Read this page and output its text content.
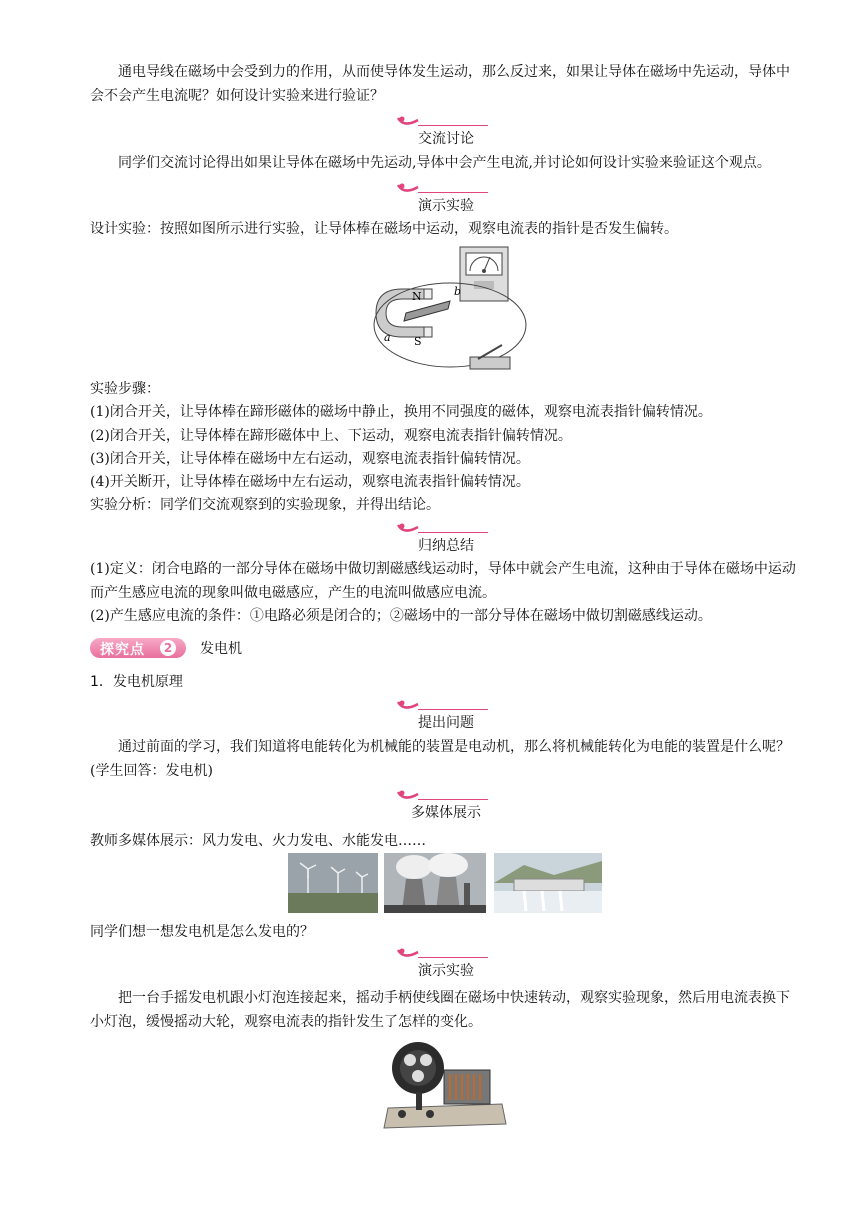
通电导线在磁场中会受到力的作用，从而使导体发生运动，那么反过来，如果让导体在磁场中先运动，导体中会不会产生电流呢？如何设计实验来进行验证？

交流讨论

同学们交流讨论得出如果让导体在磁场中先运动,导体中会产生电流,并讨论如何设计实验来验证这个观点。

演示实验

设计实验：按照如图所示进行实验，让导体棒在磁场中运动，观察电流表的指针是否发生偏转。

N
S
a
b

实验步骤：

(1)闭合开关，让导体棒在蹄形磁体的磁场中静止，换用不同强度的磁体，观察电流表指针偏转情况。

(2)闭合开关，让导体棒在蹄形磁体中上、下运动，观察电流表指针偏转情况。

(3)闭合开关，让导体棒在磁场中左右运动，观察电流表指针偏转情况。

(4)开关断开，让导体棒在磁场中左右运动，观察电流表指针偏转情况。

实验分析：同学们交流观察到的实验现象，并得出结论。

归纳总结

(1)定义：闭合电路的一部分导体在磁场中做切割磁感线运动时，导体中就会产生电流，这种由于导体在磁场中运动而产生感应电流的现象叫做电磁感应，产生的电流叫做感应电流。

(2)产生感应电流的条件：①电路必须是闭合的；②磁场中的一部分导体在磁场中做切割磁感线运动。

探究点	2 发电机

1．发电机原理

提出问题

通过前面的学习，我们知道将电能转化为机械能的装置是电动机，那么将机械能转化为电能的装置是什么呢？(学生回答：发电机)

多媒体展示

教师多媒体展示：风力发电、火力发电、水能发电……

同学们想一想发电机是怎么发电的？

演示实验

把一台手摇发电机跟小灯泡连接起来，摇动手柄使线圈在磁场中快速转动，观察实验现象，然后用电流表换下小灯泡，缓慢摇动大轮，观察电流表的指针发生了怎样的变化。
